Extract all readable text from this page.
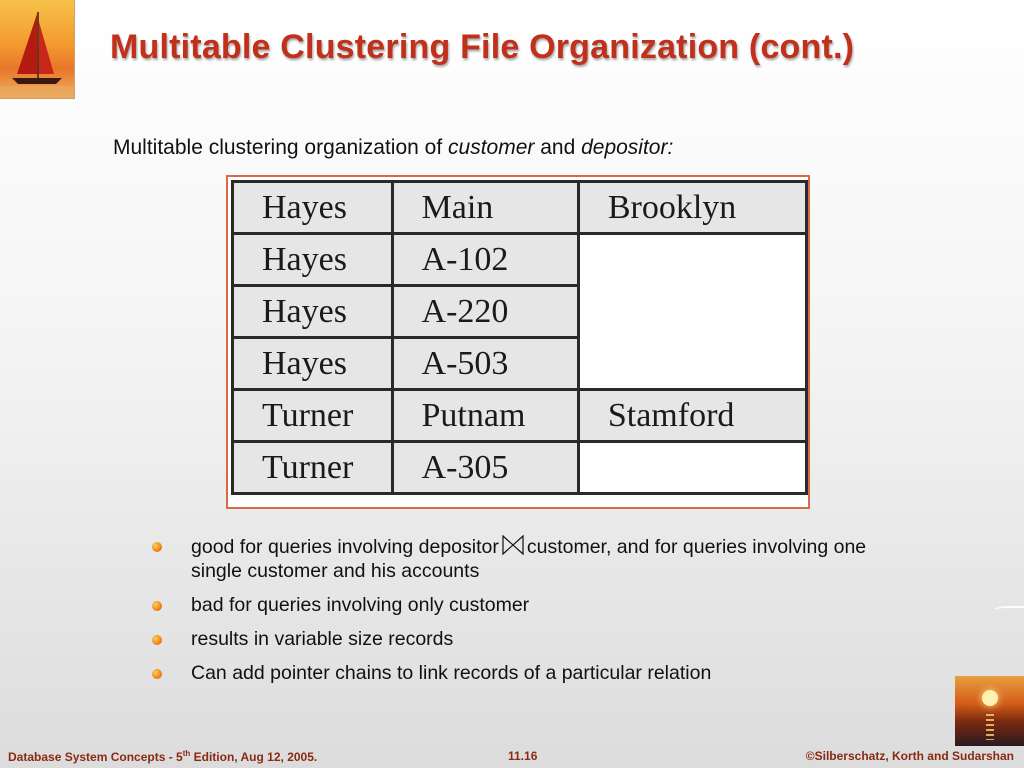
Multitable Clustering File Organization (cont.)
Multitable clustering organization of customer and depositor:
Hayes	Main	Brooklyn
Hayes	A-102	
Hayes	A-220	
Hayes	A-503	
Turner	Putnam	Stamford
Turner	A-305	
good for queries involving depositor customer, and for queries involving one single customer and his accounts
bad for queries involving only customer
results in variable size records
Can add pointer chains to link records of a particular relation
Database System Concepts - 5th Edition, Aug 12, 2005.	11.16	©Silberschatz, Korth and Sudarshan
